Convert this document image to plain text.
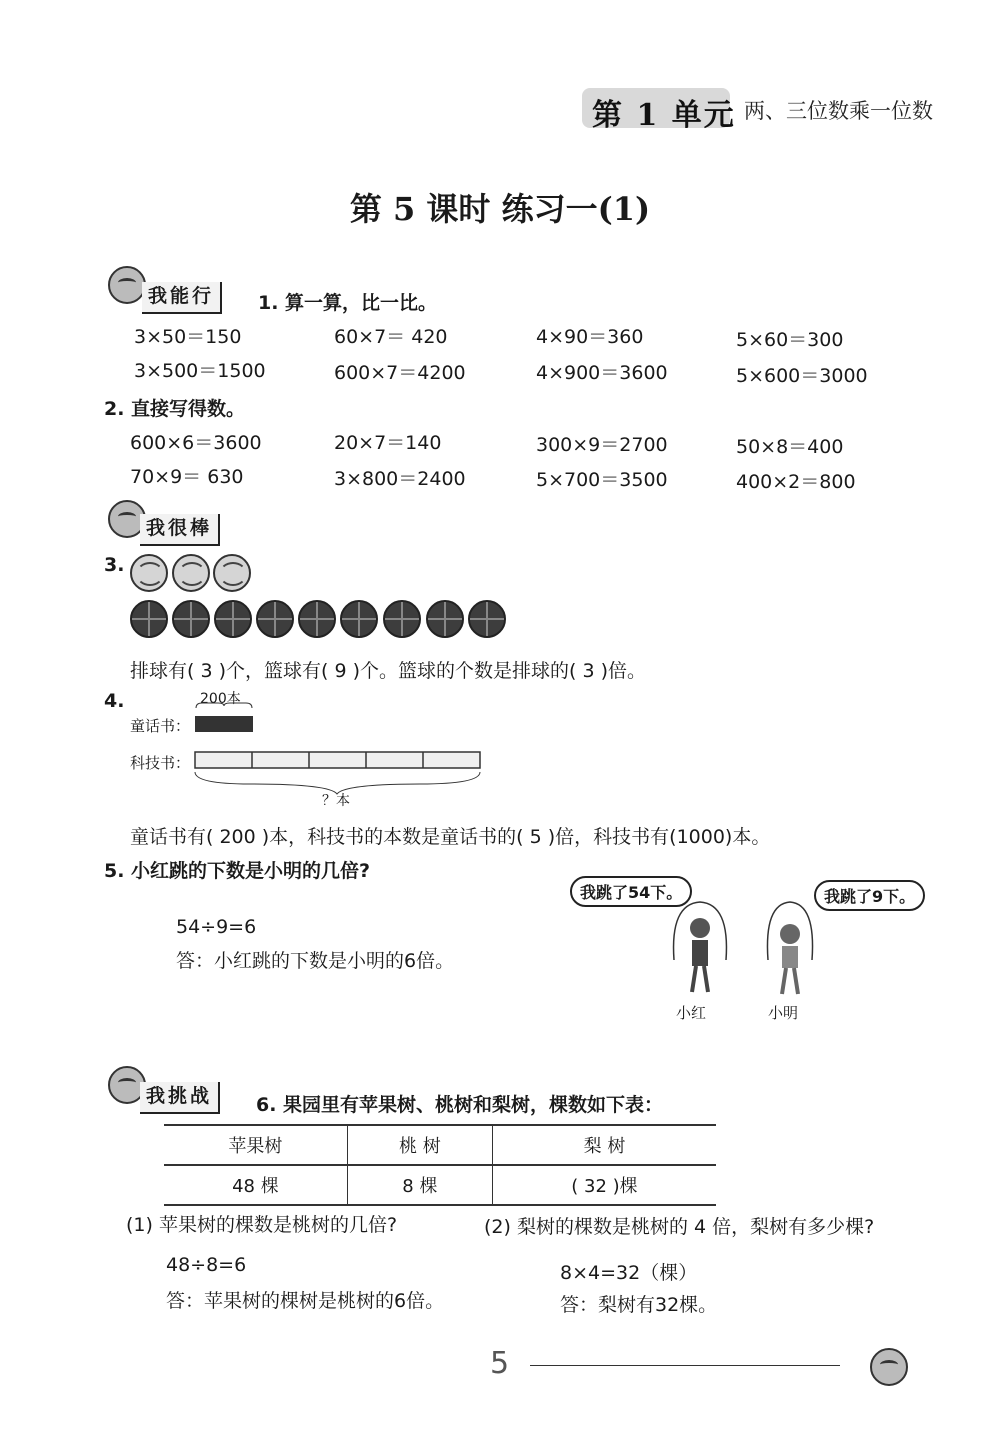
第 1 单元 两、三位数乘一位数
第 5 课时 练习一(1)
我能行	1. 算一算，比一比。
3×50＝150	60×7＝ 420	4×90＝360	5×60＝300
3×500＝1500	600×7＝4200	4×900＝3600	5×600＝3000
2. 直接写得数。
600×6＝3600	20×7＝140	300×9＝2700	50×8＝400
70×9＝ 630	3×800＝2400	5×700＝3500	400×2＝800
我很棒
3.
排球有( 3 )个，篮球有( 9 )个。篮球的个数是排球的( 3 )倍。
4.	200本
童话书：
科技书：
？本
童话书有( 200 )本，科技书的本数是童话书的( 5 )倍，科技书有(1000)本。
5. 小红跳的下数是小明的几倍?
54÷9=6
答：小红跳的下数是小明的6倍。
我跳了54下。	我跳了9下。
小红	小明
我挑战	6. 果园里有苹果树、桃树和梨树，棵数如下表：
苹果树	桃 树	梨 树
48 棵	8 棵	( 32 )棵
(1) 苹果树的棵数是桃树的几倍?
48÷8=6
答：苹果树的棵树是桃树的6倍。
(2) 梨树的棵数是桃树的 4 倍，梨树有多少棵?
8×4=32（棵）
答：梨树有32棵。
5
